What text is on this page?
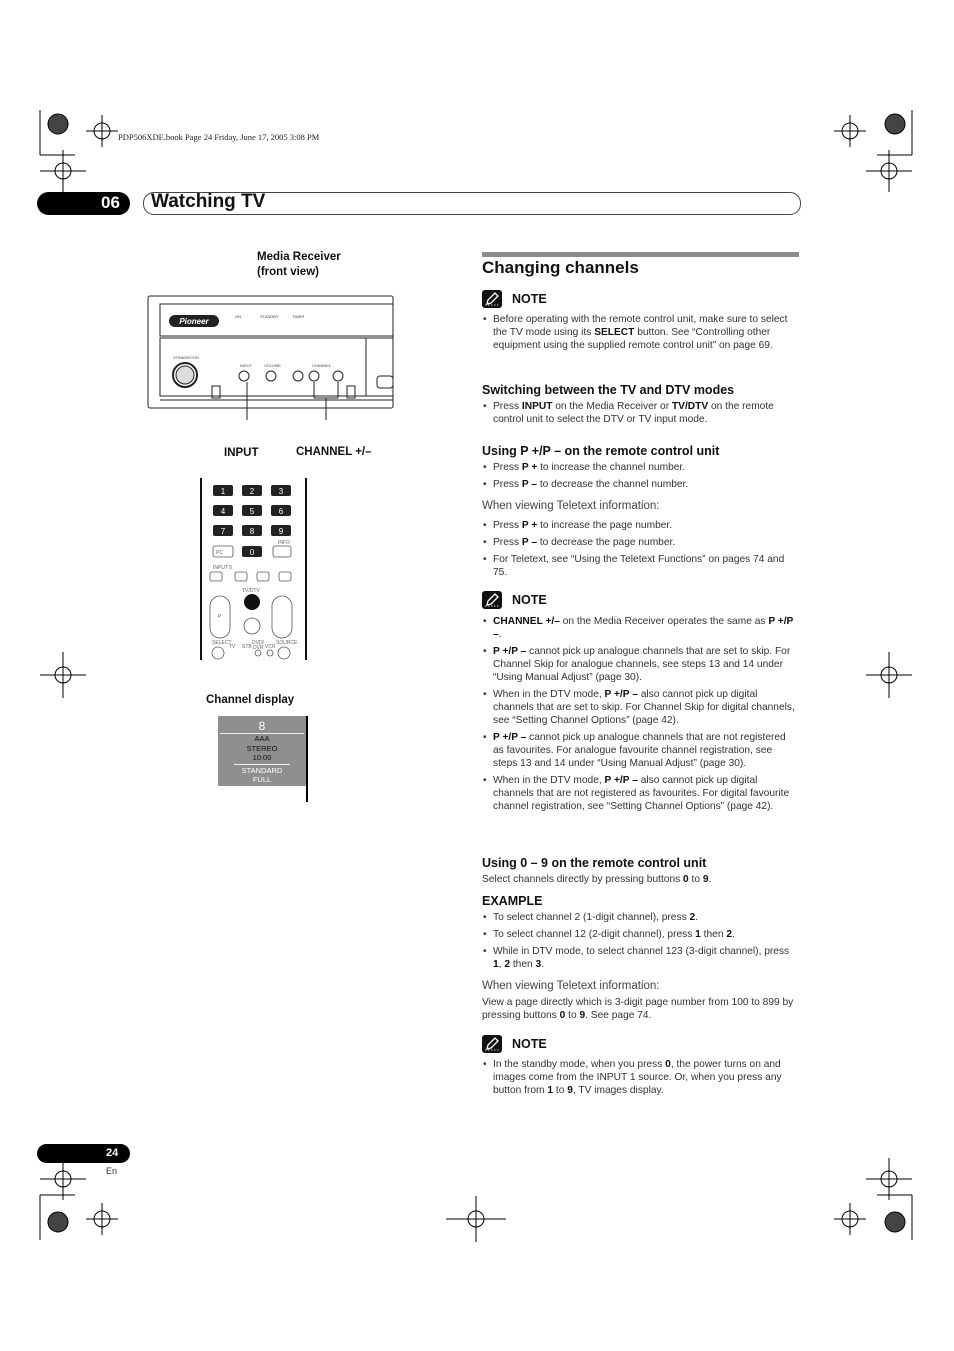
PDP506XDE.book Page 24 Friday, June 17, 2005 3:08 PM
06 Watching TV
Media Receiver
(front view)
Pioneer
ON	STANDBY	TIMER
STANDBY/ON
INPUT	VOLUME	CHANNEL
INPUT	CHANNEL +/–
1	2	3
4	5	6
7	8	9
0
PC
INFO
INPUT 5
TV/DTV
P
SELECT
TV STB
DVD/
DVR VCR
SOURCE
Channel display
8
AAA
STEREO
10:00
STANDARD
FULL
Changing channels
NOTE
• Before operating with the remote control unit, make sure to select the TV mode using its SELECT button. See “Controlling other equipment using the supplied remote control unit” on page 69.
Switching between the TV and DTV modes
• Press INPUT on the Media Receiver or TV/DTV on the remote control unit to select the DTV or TV input mode.
Using P +/P – on the remote control unit
• Press P + to increase the channel number.
• Press P – to decrease the channel number.
When viewing Teletext information:
• Press P + to increase the page number.
• Press P – to decrease the page number.
• For Teletext, see “Using the Teletext Functions” on pages 74 and 75.
NOTE
• CHANNEL +/– on the Media Receiver operates the same as P +/P –.
• P +/P – cannot pick up analogue channels that are set to skip. For Channel Skip for analogue channels, see steps 13 and 14 under “Using Manual Adjust” (page 30).
• When in the DTV mode, P +/P – also cannot pick up digital channels that are set to skip. For Channel Skip for digital channels, see “Setting Channel Options” (page 42).
• P +/P – cannot pick up analogue channels that are not registered as favourites. For analogue favourite channel registration, see steps 13 and 14 under “Using Manual Adjust” (page 30).
• When in the DTV mode, P +/P – also cannot pick up digital channels that are not registered as favourites. For digital favourite channel registration, see “Setting Channel Options” (page 42).
Using 0 – 9 on the remote control unit
Select channels directly by pressing buttons 0 to 9.
EXAMPLE
• To select channel 2 (1-digit channel), press 2.
• To select channel 12 (2-digit channel), press 1 then 2.
• While in DTV mode, to select channel 123 (3-digit channel), press 1, 2 then 3.
When viewing Teletext information:
View a page directly which is 3-digit page number from 100 to 899 by pressing buttons 0 to 9. See page 74.
NOTE
• In the standby mode, when you press 0, the power turns on and images come from the INPUT 1 source. Or, when you press any button from 1 to 9, TV images display.
24
En
